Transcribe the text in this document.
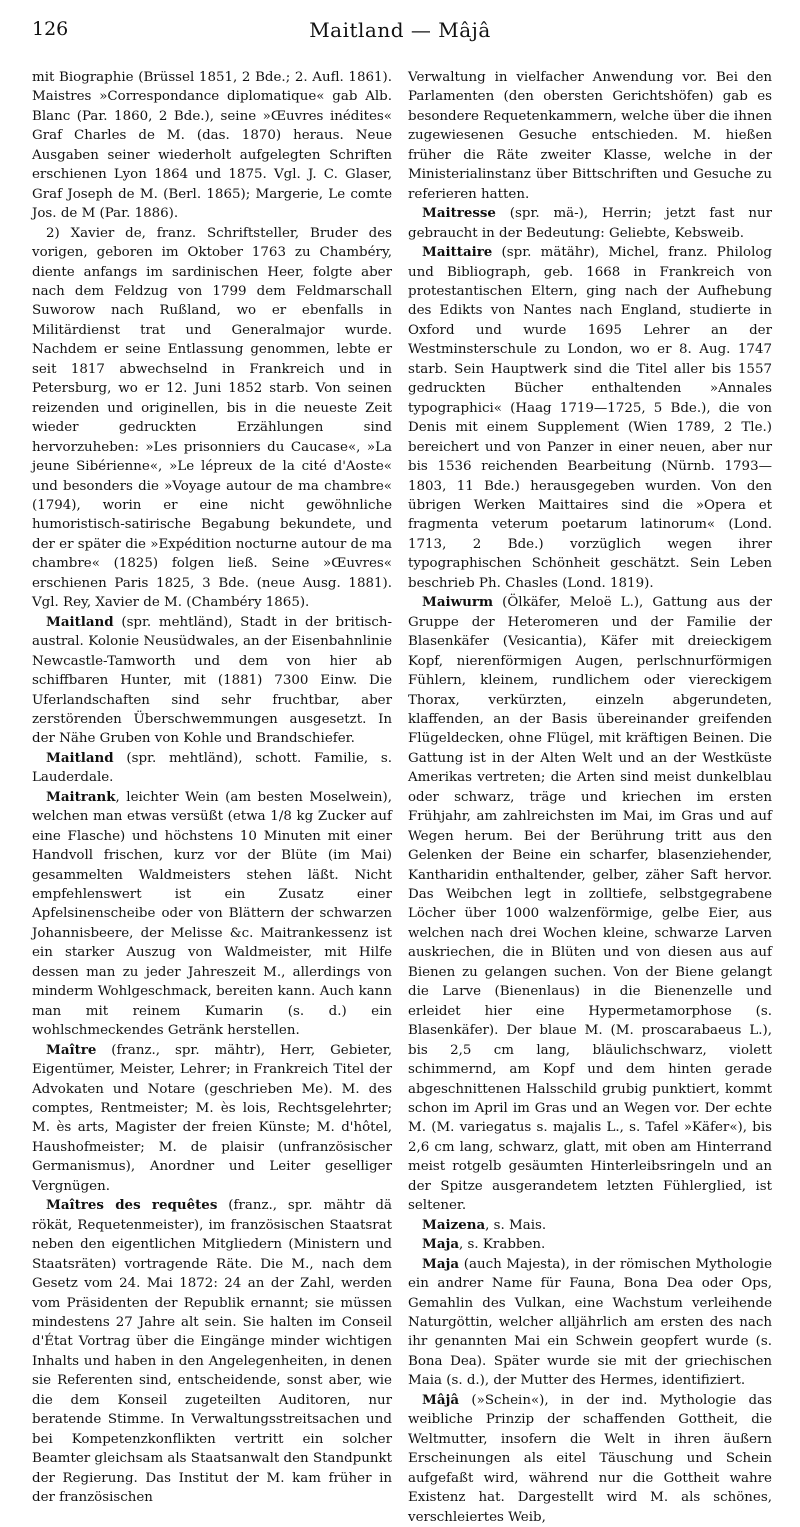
126	Maitland — Mâjâ

mit Biographie (Brüssel 1851, 2 Bde.; 2. Aufl. 1861). Maistres »Correspondance diplomatique« gab Alb. Blanc (Par. 1860, 2 Bde.), seine »Œuvres inédites« Graf Charles de M. (das. 1870) heraus. Neue Ausgaben seiner wiederholt aufgelegten Schriften erschienen Lyon 1864 und 1875. Vgl. J. C. Glaser, Graf Joseph de M. (Berl. 1865); Margerie, Le comte Jos. de M (Par. 1886).

2) Xavier de, franz. Schriftsteller, Bruder des vorigen, geboren im Oktober 1763 zu Chambéry, diente anfangs im sardinischen Heer, folgte aber nach dem Feldzug von 1799 dem Feldmarschall Suworow nach Rußland, wo er ebenfalls in Militärdienst trat und Generalmajor wurde. Nachdem er seine Entlassung genommen, lebte er seit 1817 abwechselnd in Frankreich und in Petersburg, wo er 12. Juni 1852 starb. Von seinen reizenden und originellen, bis in die neueste Zeit wieder gedruckten Erzählungen sind hervorzuheben: »Les prisonniers du Caucase«, »La jeune Sibérienne«, »Le lépreux de la cité d'Aoste« und besonders die »Voyage autour de ma chambre« (1794), worin er eine nicht gewöhnliche humoristisch-satirische Begabung bekundete, und der er später die »Expédition nocturne autour de ma chambre« (1825) folgen ließ. Seine »Œuvres« erschienen Paris 1825, 3 Bde. (neue Ausg. 1881). Vgl. Rey, Xavier de M. (Chambéry 1865).

Maitland (spr. mehtländ), Stadt in der britisch-austral. Kolonie Neusüdwales, an der Eisenbahnlinie Newcastle-Tamworth und dem von hier ab schiffbaren Hunter, mit (1881) 7300 Einw. Die Uferlandschaften sind sehr fruchtbar, aber zerstörenden Überschwemmungen ausgesetzt. In der Nähe Gruben von Kohle und Brandschiefer.

Maitland (spr. mehtländ), schott. Familie, s. Lauderdale.

Maitrank, leichter Wein (am besten Moselwein), welchen man etwas versüßt (etwa 1/8 kg Zucker auf eine Flasche) und höchstens 10 Minuten mit einer Handvoll frischen, kurz vor der Blüte (im Mai) gesammelten Waldmeisters stehen läßt. Nicht empfehlenswert ist ein Zusatz einer Apfelsinenscheibe oder von Blättern der schwarzen Johannisbeere, der Melisse &c. Maitrankessenz ist ein starker Auszug von Waldmeister, mit Hilfe dessen man zu jeder Jahreszeit M., allerdings von minderm Wohlgeschmack, bereiten kann. Auch kann man mit reinem Kumarin (s. d.) ein wohlschmeckendes Getränk herstellen.

Maître (franz., spr. mähtr), Herr, Gebieter, Eigentümer, Meister, Lehrer; in Frankreich Titel der Advokaten und Notare (geschrieben Me). M. des comptes, Rentmeister; M. ès lois, Rechtsgelehrter; M. ès arts, Magister der freien Künste; M. d'hôtel, Haushofmeister; M. de plaisir (unfranzösischer Germanismus), Anordner und Leiter geselliger Vergnügen.

Maîtres des requêtes (franz., spr. mähtr dä rökät, Requetenmeister), im französischen Staatsrat neben den eigentlichen Mitgliedern (Ministern und Staatsräten) vortragende Räte. Die M., nach dem Gesetz vom 24. Mai 1872: 24 an der Zahl, werden vom Präsidenten der Republik ernannt; sie müssen mindestens 27 Jahre alt sein. Sie halten im Conseil d'État Vortrag über die Eingänge minder wichtigen Inhalts und haben in den Angelegenheiten, in denen sie Referenten sind, entscheidende, sonst aber, wie die dem Konseil zugeteilten Auditoren, nur beratende Stimme. In Verwaltungsstreitsachen und bei Kompetenzkonflikten vertritt ein solcher Beamter gleichsam als Staatsanwalt den Standpunkt der Regierung. Das Institut der M. kam früher in der französischen

Verwaltung in vielfacher Anwendung vor. Bei den Parlamenten (den obersten Gerichtshöfen) gab es besondere Requetenkammern, welche über die ihnen zugewiesenen Gesuche entschieden. M. hießen früher die Räte zweiter Klasse, welche in der Ministerialinstanz über Bittschriften und Gesuche zu referieren hatten.

Maitresse (spr. mä-), Herrin; jetzt fast nur gebraucht in der Bedeutung: Geliebte, Kebsweib.

Maittaire (spr. mätähr), Michel, franz. Philolog und Bibliograph, geb. 1668 in Frankreich von protestantischen Eltern, ging nach der Aufhebung des Edikts von Nantes nach England, studierte in Oxford und wurde 1695 Lehrer an der Westminsterschule zu London, wo er 8. Aug. 1747 starb. Sein Hauptwerk sind die Titel aller bis 1557 gedruckten Bücher enthaltenden »Annales typographici« (Haag 1719—1725, 5 Bde.), die von Denis mit einem Supplement (Wien 1789, 2 Tle.) bereichert und von Panzer in einer neuen, aber nur bis 1536 reichenden Bearbeitung (Nürnb. 1793—1803, 11 Bde.) herausgegeben wurden. Von den übrigen Werken Maittaires sind die »Opera et fragmenta veterum poetarum latinorum« (Lond. 1713, 2 Bde.) vorzüglich wegen ihrer typographischen Schönheit geschätzt. Sein Leben beschrieb Ph. Chasles (Lond. 1819).

Maiwurm (Ölkäfer, Meloë L.), Gattung aus der Gruppe der Heteromeren und der Familie der Blasenkäfer (Vesicantia), Käfer mit dreieckigem Kopf, nierenförmigen Augen, perlschnurförmigen Fühlern, kleinem, rundlichem oder viereckigem Thorax, verkürzten, einzeln abgerundeten, klaffenden, an der Basis übereinander greifenden Flügeldecken, ohne Flügel, mit kräftigen Beinen. Die Gattung ist in der Alten Welt und an der Westküste Amerikas vertreten; die Arten sind meist dunkelblau oder schwarz, träge und kriechen im ersten Frühjahr, am zahlreichsten im Mai, im Gras und auf Wegen herum. Bei der Berührung tritt aus den Gelenken der Beine ein scharfer, blasenziehender, Kantharidin enthaltender, gelber, zäher Saft hervor. Das Weibchen legt in zolltiefe, selbstgegrabene Löcher über 1000 walzenförmige, gelbe Eier, aus welchen nach drei Wochen kleine, schwarze Larven auskriechen, die in Blüten und von diesen aus auf Bienen zu gelangen suchen. Von der Biene gelangt die Larve (Bienenlaus) in die Bienenzelle und erleidet hier eine Hypermetamorphose (s. Blasenkäfer). Der blaue M. (M. proscarabaeus L.), bis 2,5 cm lang, bläulichschwarz, violett schimmernd, am Kopf und dem hinten gerade abgeschnittenen Halsschild grubig punktiert, kommt schon im April im Gras und an Wegen vor. Der echte M. (M. variegatus s. majalis L., s. Tafel »Käfer«), bis 2,6 cm lang, schwarz, glatt, mit oben am Hinterrand meist rotgelb gesäumten Hinterleibsringeln und an der Spitze ausgerandetem letzten Fühlerglied, ist seltener.

Maizena, s. Mais.

Maja, s. Krabben.

Maja (auch Majesta), in der römischen Mythologie ein andrer Name für Fauna, Bona Dea oder Ops, Gemahlin des Vulkan, eine Wachstum verleihende Naturgöttin, welcher alljährlich am ersten des nach ihr genannten Mai ein Schwein geopfert wurde (s. Bona Dea). Später wurde sie mit der griechischen Maia (s. d.), der Mutter des Hermes, identifiziert.

Mâjâ (»Schein«), in der ind. Mythologie das weibliche Prinzip der schaffenden Gottheit, die Weltmutter, insofern die Welt in ihren äußern Erscheinungen als eitel Täuschung und Schein aufgefaßt wird, während nur die Gottheit wahre Existenz hat. Dargestellt wird M. als schönes, verschleiertes Weib,
